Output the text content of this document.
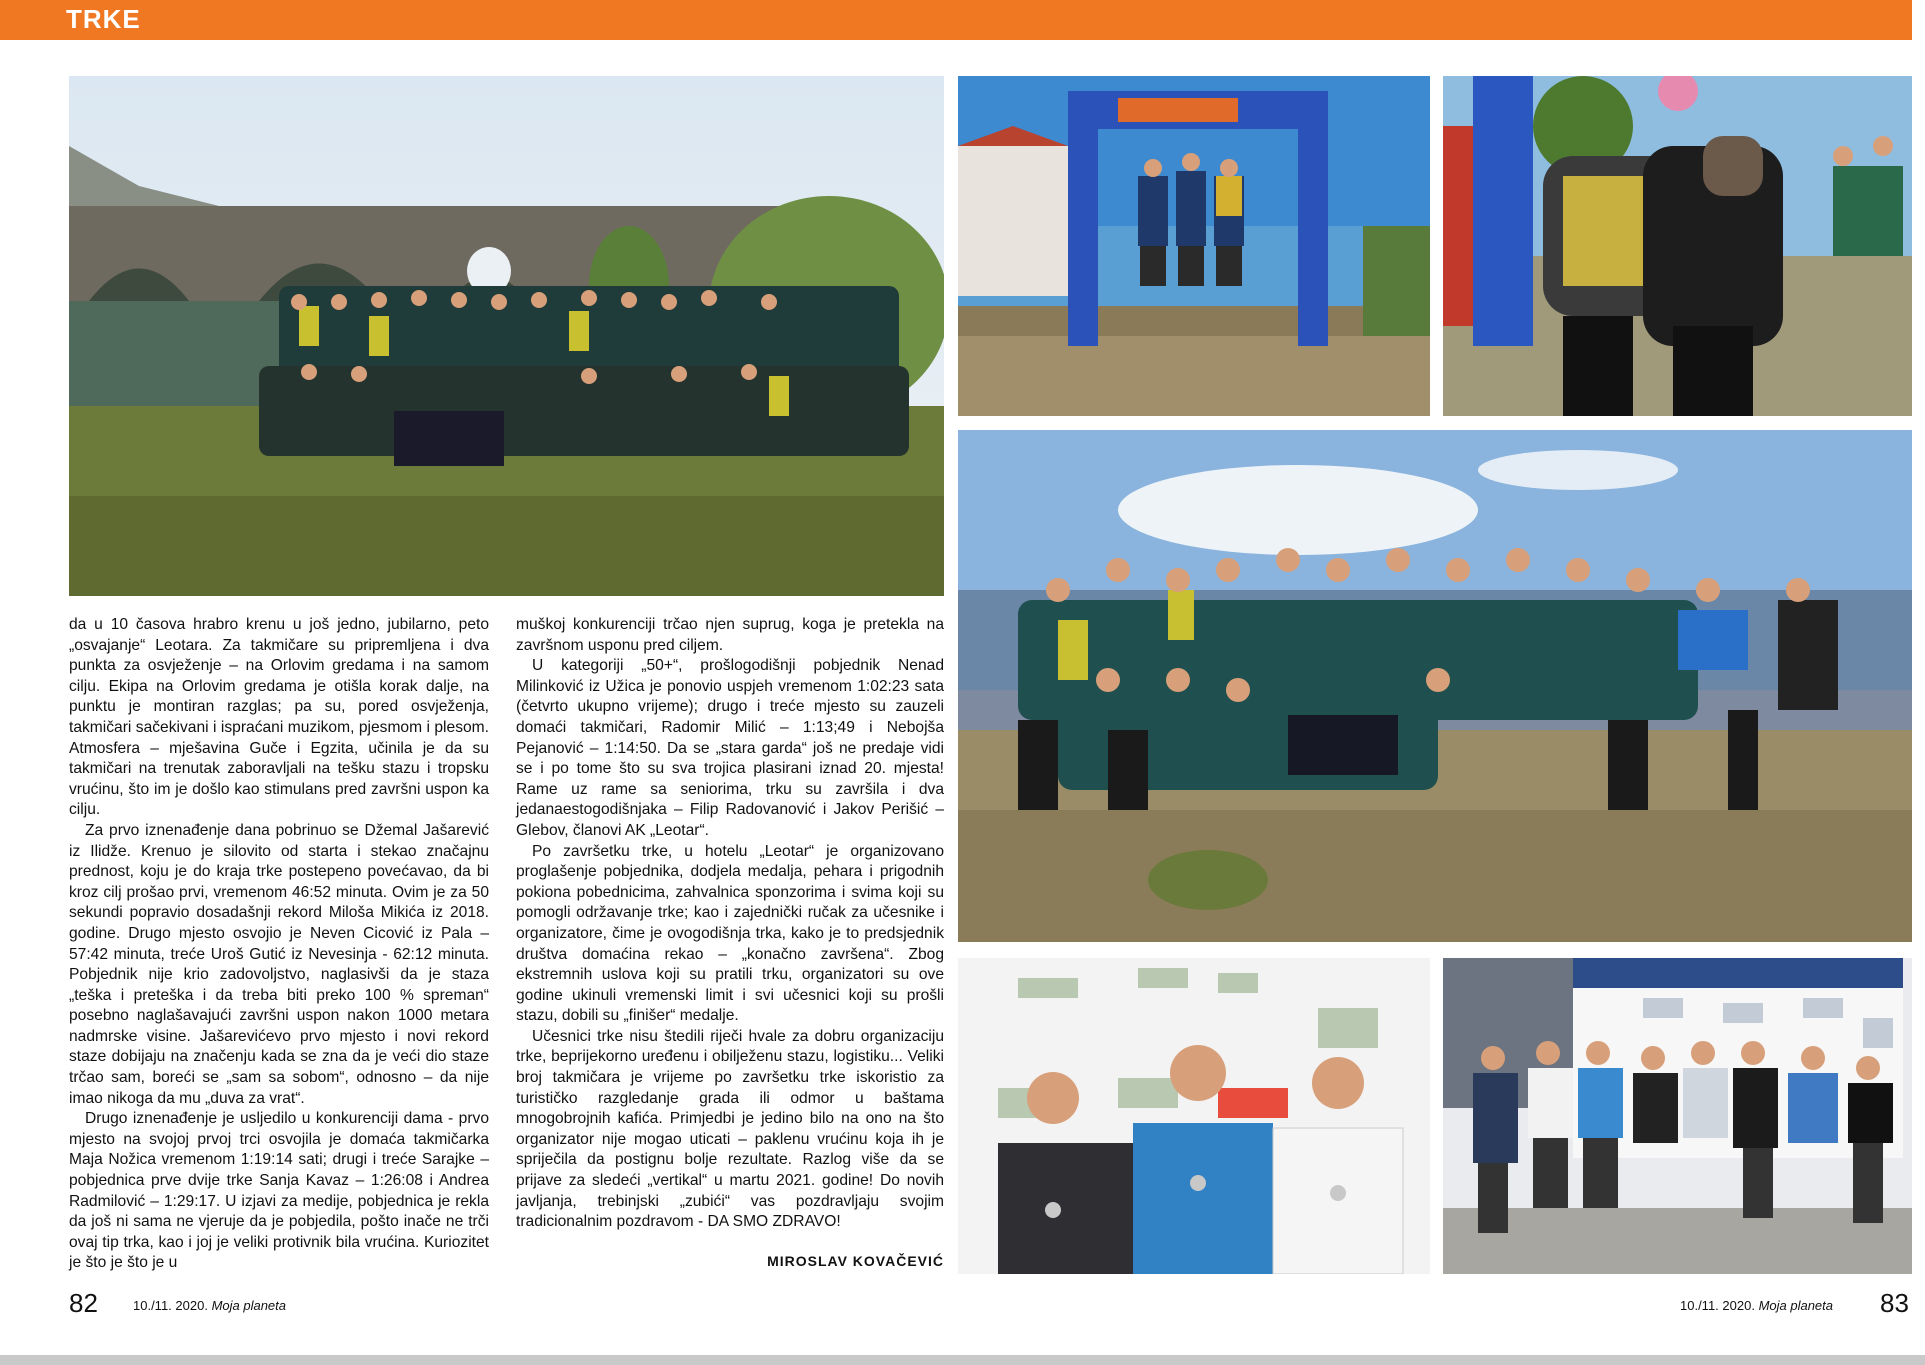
TRKE

da u 10 časova hrabro krenu u još jedno, jubilarno, peto „osvajanje“ Leotara. Za takmičare su pripremljena i dva punkta za osvježenje – na Orlovim gredama i na samom cilju. Ekipa na Orlovim gredama je otišla korak dalje, na punktu je montiran razglas; pa su, pored osvježenja, takmičari sačekivani i ispraćani muzikom, pjesmom i plesom. Atmosfera – mješavina Guče i Egzita, učinila je da su takmičari na trenutak zaboravljali na tešku stazu i tropsku vrućinu, što im je došlo kao stimulans pred završni uspon ka cilju.

Za prvo iznenađenje dana pobrinuo se Džemal Jašarević iz Ilidže. Krenuo je silovito od starta i stekao značajnu prednost, koju je do kraja trke postepeno povećavao, da bi kroz cilj prošao prvi, vremenom 46:52 minuta. Ovim je za 50 sekundi popravio dosadašnji rekord Miloša Mikića iz 2018. godine. Drugo mjesto osvojio je Neven Cicović iz Pala – 57:42 minuta, treće Uroš Gutić iz Nevesinja - 62:12 minuta. Pobjednik nije krio zadovoljstvo, naglasivši da je staza „teška i preteška i da treba biti preko 100 % spreman“ posebno naglašavajući završni uspon nakon 1000 metara nadmrske visine. Jašarevićevo prvo mjesto i novi rekord staze dobijaju na značenju kada se zna da je veći dio staze trčao sam, boreći se „sam sa sobom“, odnosno – da nije imao nikoga da mu „duva za vrat“.

Drugo iznenađenje je usljedilo u konkurenciji dama - prvo mjesto na svojoj prvoj trci osvojila je domaća takmičarka Maja Nožica vremenom 1:19:14 sati; drugi i treće Sarajke – pobjednica prve dvije trke Sanja Kavaz – 1:26:08 i Andrea Radmilović – 1:29:17. U izjavi za medije, pobjednica je rekla da još ni sama ne vjeruje da je pobjedila, pošto inače ne trči ovaj tip trka, kao i joj je veliki protivnik bila vrućina. Kuriozitet je što je što je u

muškoj konkurenciji trčao njen suprug, koga je pretekla na završnom usponu pred ciljem.

U kategoriji „50+“, prošlogodišnji pobjednik Nenad Milinković iz Užica je ponovio uspjeh vremenom 1:02:23 sata (četvrto ukupno vrijeme); drugo i treće mjesto su zauzeli domaći takmičari, Radomir Milić – 1:13;49 i Nebojša Pejanović – 1:14:50. Da se „stara garda“ još ne predaje vidi se i po tome što su sva trojica plasirani iznad 20. mjesta! Rame uz rame sa seniorima, trku su završila i dva jedanaestogodišnjaka – Filip Radovanović i Jakov Perišić – Glebov, članovi AK „Leotar“.

Po završetku trke, u hotelu „Leotar“ je organizovano proglašenje pobjednika, dodjela medalja, pehara i prigodnih pokiona pobednicima, zahvalnica sponzorima i svima koji su pomogli održavanje trke; kao i zajednički ručak za učesnike i organizatore, čime je ovogodišnja trka, kako je to predsjednik društva domaćina rekao – „konačno završena“. Zbog ekstremnih uslova koji su pratili trku, organizatori su ove godine ukinuli vremenski limit i svi učesnici koji su prošli stazu, dobili su „finišer“ medalje.

Učesnici trke nisu štedili riječi hvale za dobru organizaciju trke, beprijekorno uređenu i obilježenu stazu, logistiku... Veliki broj takmičara je vrijeme po završetku trke iskoristio za turističko razgledanje grada ili odmor u baštama mnogobrojnih kafića. Primjedbi je jedino bilo na ono na što organizator nije mogao uticati – paklenu vrućinu koja ih je spriječila da postignu bolje rezultate. Razlog više da se prijave za sledeći „vertikal“ u martu 2021. godine! Do novih javljanja, trebinjski „zubići“ vas pozdravljaju svojim tradicionalnim pozdravom - DA SMO ZDRAVO!

MIROSLAV KOVAČEVIĆ
82	10./11. 2020. Moja planeta	10./11. 2020. Moja planeta 83
